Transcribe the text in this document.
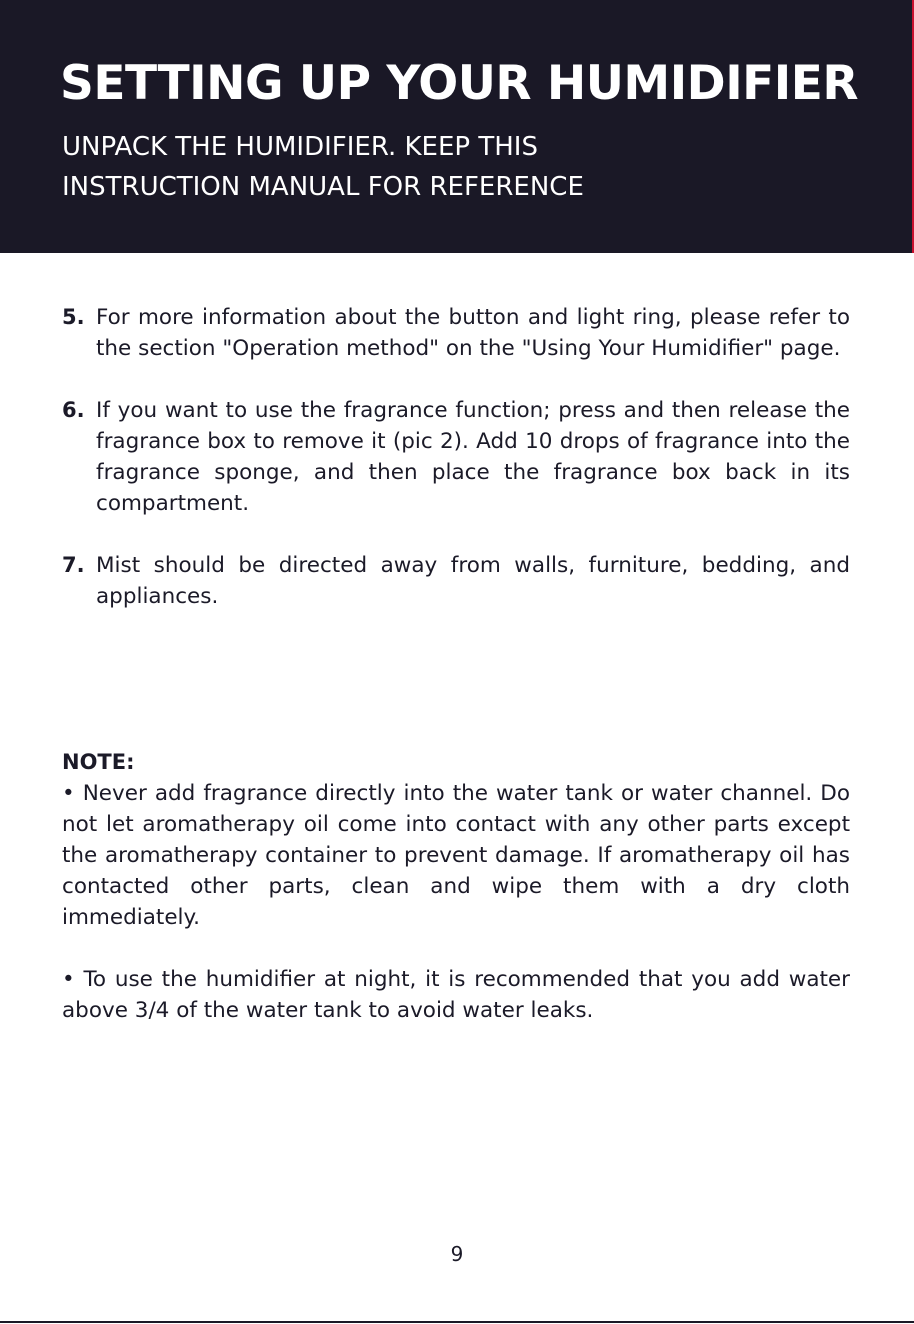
SETTING UP YOUR HUMIDIFIER
UNPACK THE HUMIDIFIER. KEEP THIS
INSTRUCTION MANUAL FOR REFERENCE
5. For more information about the button and light ring, please refer to the section "Operation method" on the "Using Your Humidifier" page.
6. If you want to use the fragrance function; press and then release the fragrance box to remove it (pic 2). Add 10 drops of fragrance into the fragrance sponge, and then place the fragrance box back in its compartment.
7. Mist should be directed away from walls, furniture, bedding, and appliances.
NOTE:

• Never add fragrance directly into the water tank or water channel. Do not let aromatherapy oil come into contact with any other parts except the aromatherapy container to prevent damage. If aromatherapy oil has contacted other parts, clean and wipe them with a dry cloth immediately.

• To use the humidifier at night, it is recommended that you add water above 3/4 of the water tank to avoid water leaks.

9
